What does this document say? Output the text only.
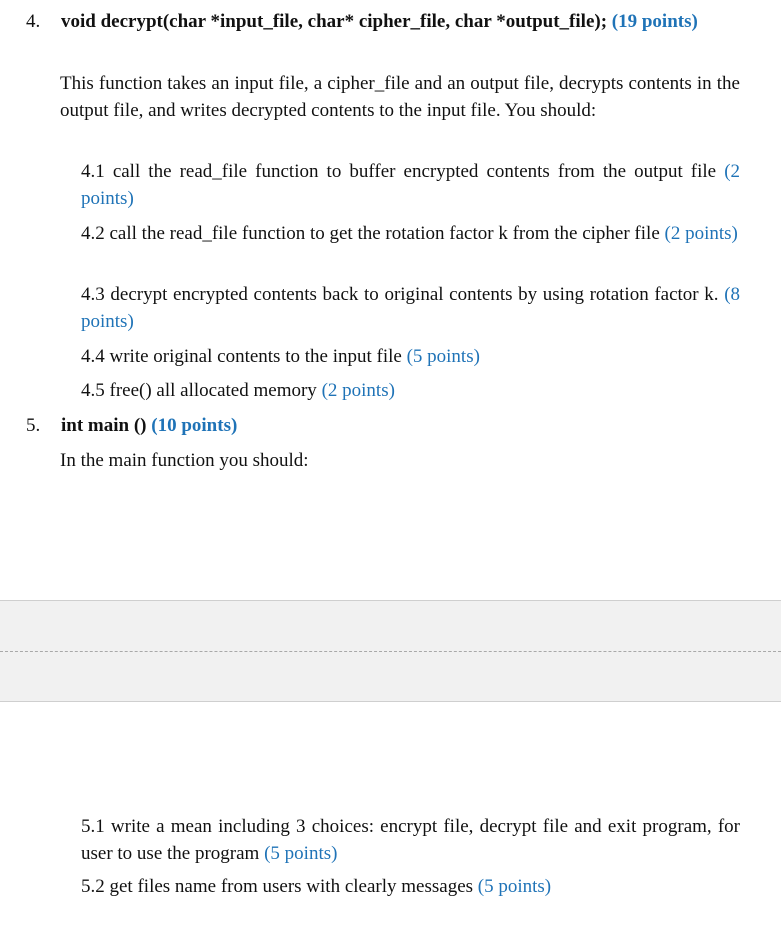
4.	void decrypt(char *input_file, char* cipher_file, char *output_file); (19 points)
This function takes an input file, a cipher_file and an output file, decrypts contents in the output file, and writes decrypted contents to the input file. You should:
4.1 call the read_file function to buffer encrypted contents from the output file (2 points)
4.2 call the read_file function to get the rotation factor k from the cipher file (2 points)
4.3 decrypt encrypted contents back to original contents by using rotation factor k. (8 points)
4.4 write original contents to the input file (5 points)
4.5 free() all allocated memory (2 points)
5.	int main () (10 points)
In the main function you should:
5.1 write a mean including 3 choices: encrypt file, decrypt file and exit program, for user to use the program (5 points)
5.2 get files name from users with clearly messages (5 points)
